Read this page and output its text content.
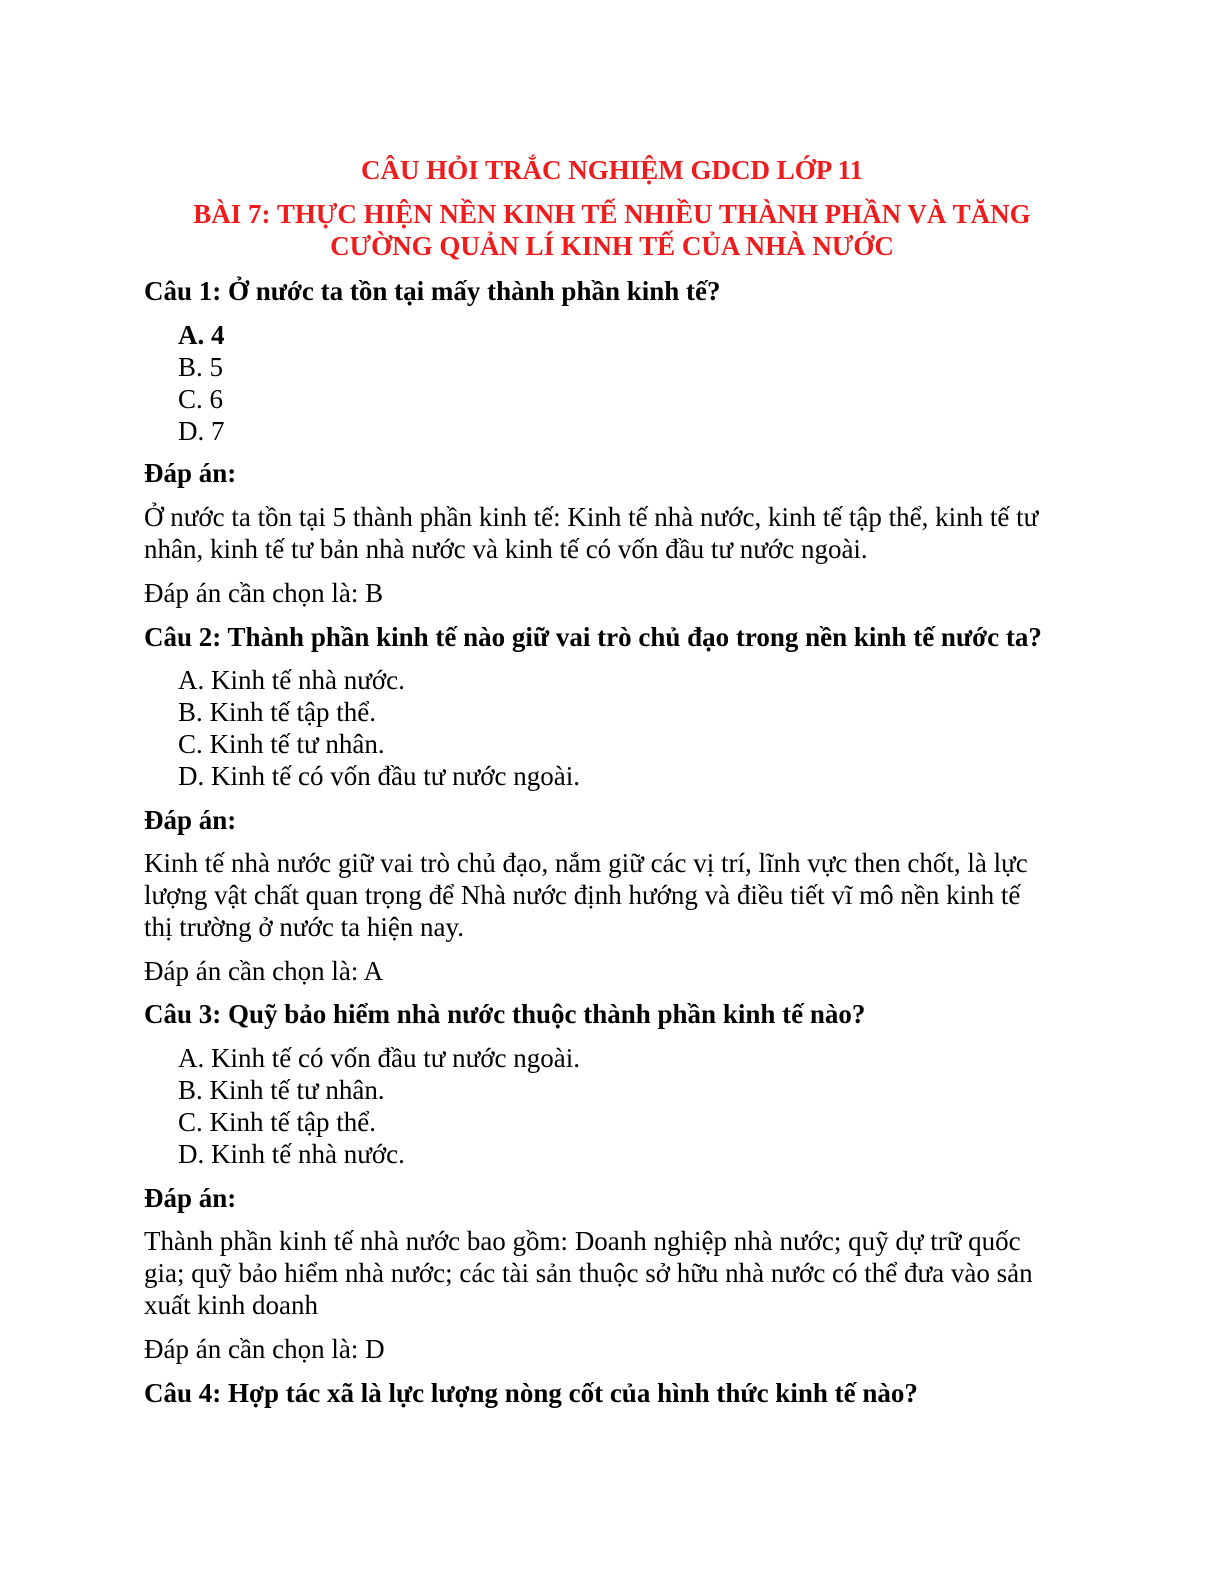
CÂU HỎI TRẮC NGHIỆM GDCD LỚP 11

BÀI 7: THỰC HIỆN NỀN KINH TẾ NHIỀU THÀNH PHẦN VÀ TĂNG

CƯỜNG QUẢN LÍ KINH TẾ CỦA NHÀ NƯỚC

Câu 1: Ở nước ta tồn tại mấy thành phần kinh tế?

A. 4
B. 5
C. 6
D. 7

Đáp án:

Ở nước ta tồn tại 5 thành phần kinh tế: Kinh tế nhà nước, kinh tế tập thể, kinh tế tư
nhân, kinh tế tư bản nhà nước và kinh tế có vốn đầu tư nước ngoài.

Đáp án cần chọn là: B

Câu 2: Thành phần kinh tế nào giữ vai trò chủ đạo trong nền kinh tế nước ta?

A. Kinh tế nhà nước.
B. Kinh tế tập thể.
C. Kinh tế tư nhân.
D. Kinh tế có vốn đầu tư nước ngoài.

Đáp án:

Kinh tế nhà nước giữ vai trò chủ đạo, nắm giữ các vị trí, lĩnh vực then chốt, là lực
lượng vật chất quan trọng để Nhà nước định hướng và điều tiết vĩ mô nền kinh tế
thị trường ở nước ta hiện nay.

Đáp án cần chọn là: A

Câu 3: Quỹ bảo hiểm nhà nước thuộc thành phần kinh tế nào?

A. Kinh tế có vốn đầu tư nước ngoài.
B. Kinh tế tư nhân.
C. Kinh tế tập thể.
D. Kinh tế nhà nước.

Đáp án:

Thành phần kinh tế nhà nước bao gồm: Doanh nghiệp nhà nước; quỹ dự trữ quốc
gia; quỹ bảo hiểm nhà nước; các tài sản thuộc sở hữu nhà nước có thể đưa vào sản
xuất kinh doanh

Đáp án cần chọn là: D

Câu 4: Hợp tác xã là lực lượng nòng cốt của hình thức kinh tế nào?
